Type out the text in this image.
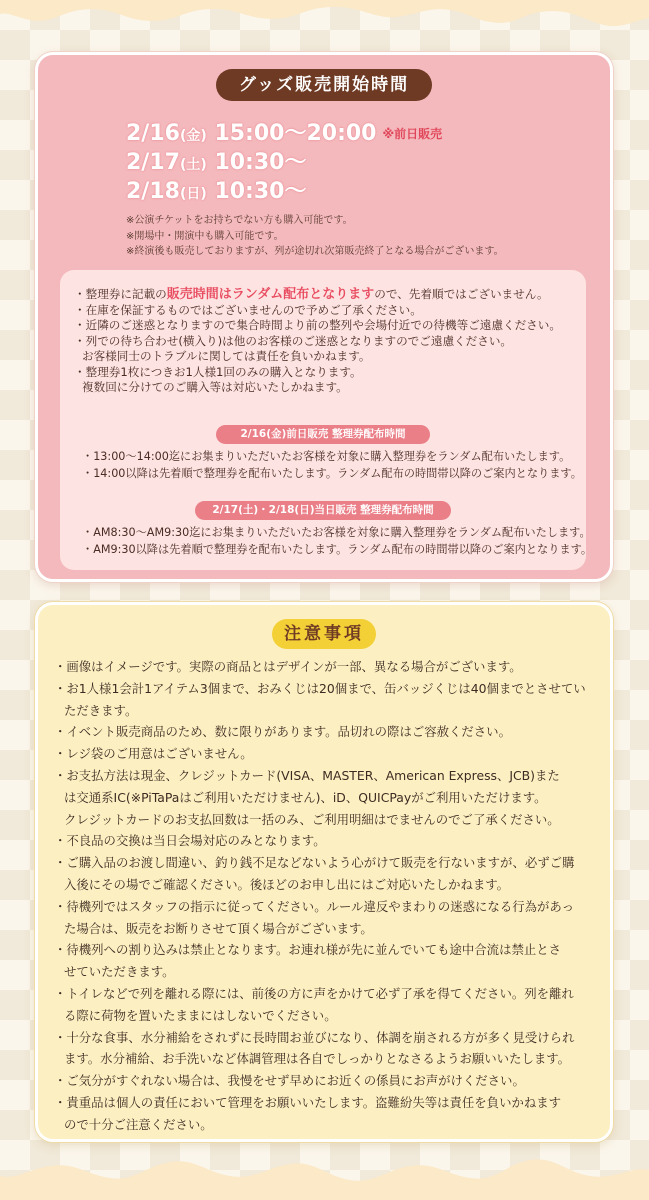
グッズ販売開始時間
2/16(金) 15:00〜20:00 ※前日販売
2/17(土) 10:30〜
2/18(日) 10:30〜
※公演チケットをお持ちでない方も購入可能です。
※開場中・開演中も購入可能です。
※終演後も販売しておりますが、列が途切れ次第販売終了となる場合がございます。
・整理券に記載の販売時間はランダム配布となりますので、先着順ではございません。
・在庫を保証するものではございませんので予めご了承ください。
・近隣のご迷惑となりますので集合時間より前の整列や会場付近での待機等ご遠慮ください。
・列での待ち合わせ(横入り)は他のお客様のご迷惑となりますのでご遠慮ください。
お客様同士のトラブルに関しては責任を負いかねます。
・整理券1枚につきお1人様1回のみの購入となります。
複数回に分けてのご購入等は対応いたしかねます。
2/16(金)前日販売 整理券配布時間
・13:00〜14:00迄にお集まりいただいたお客様を対象に購入整理券をランダム配布いたします。
・14:00以降は先着順で整理券を配布いたします。ランダム配布の時間帯以降のご案内となります。
2/17(土)・2/18(日)当日販売 整理券配布時間
・AM8:30〜AM9:30迄にお集まりいただいたお客様を対象に購入整理券をランダム配布いたします。
・AM9:30以降は先着順で整理券を配布いたします。ランダム配布の時間帯以降のご案内となります。
注意事項
・画像はイメージです。実際の商品とはデザインが一部、異なる場合がございます。
・お1人様1会計1アイテム3個まで、おみくじは20個まで、缶バッジくじは40個までとさせてい
ただきます。
・イベント販売商品のため、数に限りがあります。品切れの際はご容赦ください。
・レジ袋のご用意はございません。
・お支払方法は現金、クレジットカード(VISA、MASTER、American Express、JCB)また
は交通系IC(※PiTaPaはご利用いただけません)、iD、QUICPayがご利用いただけます。
クレジットカードのお支払回数は一括のみ、ご利用明細はでませんのでご了承ください。
・不良品の交換は当日会場対応のみとなります。
・ご購入品のお渡し間違い、釣り銭不足などないよう心がけて販売を行ないますが、必ずご購
入後にその場でご確認ください。後ほどのお申し出にはご対応いたしかねます。
・待機列ではスタッフの指示に従ってください。ルール違反やまわりの迷惑になる行為があっ
た場合は、販売をお断りさせて頂く場合がございます。
・待機列への割り込みは禁止となります。お連れ様が先に並んでいても途中合流は禁止とさ
せていただきます。
・トイレなどで列を離れる際には、前後の方に声をかけて必ず了承を得てください。列を離れ
る際に荷物を置いたままにはしないでください。
・十分な食事、水分補給をされずに長時間お並びになり、体調を崩される方が多く見受けられ
ます。水分補給、お手洗いなど体調管理は各自でしっかりとなさるようお願いいたします。
・ご気分がすぐれない場合は、我慢をせず早めにお近くの係員にお声がけください。
・貴重品は個人の責任において管理をお願いいたします。盗難紛失等は責任を負いかねます
ので十分ご注意ください。
